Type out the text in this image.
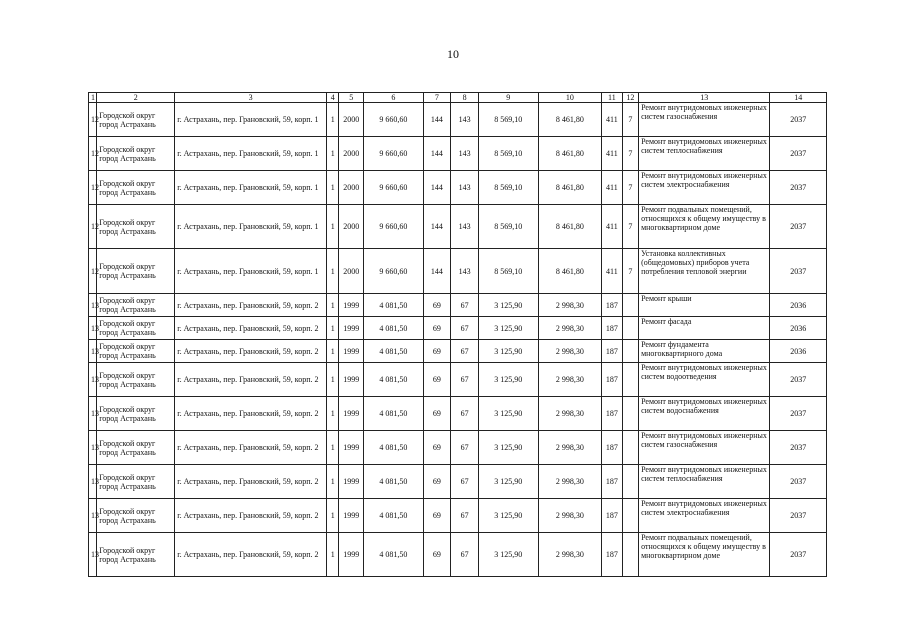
10
1	2	3	4	5	6	7	8	9	10	11	12	13	14
12	Городской округ город Астрахань	г. Астрахань, пер. Грановский, 59, корп. 1	1	2000	9 660,60	144	143	8 569,10	8 461,80	411	7	Ремонт внутридомовых инженерных систем газоснабжения	2037
12	Городской округ город Астрахань	г. Астрахань, пер. Грановский, 59, корп. 1	1	2000	9 660,60	144	143	8 569,10	8 461,80	411	7	Ремонт внутридомовых инженерных систем теплоснабжения	2037
12	Городской округ город Астрахань	г. Астрахань, пер. Грановский, 59, корп. 1	1	2000	9 660,60	144	143	8 569,10	8 461,80	411	7	Ремонт внутридомовых инженерных систем электроснабжения	2037
12	Городской округ город Астрахань	г. Астрахань, пер. Грановский, 59, корп. 1	1	2000	9 660,60	144	143	8 569,10	8 461,80	411	7	Ремонт подвальных помещений, относящихся к общему имуществу в многоквартирном доме	2037
12	Городской округ город Астрахань	г. Астрахань, пер. Грановский, 59, корп. 1	1	2000	9 660,60	144	143	8 569,10	8 461,80	411	7	Установка коллективных (общедомовых) приборов учета потребления тепловой энергии	2037
13	Городской округ город Астрахань	г. Астрахань, пер. Грановский, 59, корп. 2	1	1999	4 081,50	69	67	3 125,90	2 998,30	187		Ремонт крыши	2036
13	Городской округ город Астрахань	г. Астрахань, пер. Грановский, 59, корп. 2	1	1999	4 081,50	69	67	3 125,90	2 998,30	187		Ремонт фасада	2036
13	Городской округ город Астрахань	г. Астрахань, пер. Грановский, 59, корп. 2	1	1999	4 081,50	69	67	3 125,90	2 998,30	187		Ремонт фундамента многоквартирного дома	2036
13	Городской округ город Астрахань	г. Астрахань, пер. Грановский, 59, корп. 2	1	1999	4 081,50	69	67	3 125,90	2 998,30	187		Ремонт внутридомовых инженерных систем водоотведения	2037
13	Городской округ город Астрахань	г. Астрахань, пер. Грановский, 59, корп. 2	1	1999	4 081,50	69	67	3 125,90	2 998,30	187		Ремонт внутридомовых инженерных систем водоснабжения	2037
13	Городской округ город Астрахань	г. Астрахань, пер. Грановский, 59, корп. 2	1	1999	4 081,50	69	67	3 125,90	2 998,30	187		Ремонт внутридомовых инженерных систем газоснабжения	2037
13	Городской округ город Астрахань	г. Астрахань, пер. Грановский, 59, корп. 2	1	1999	4 081,50	69	67	3 125,90	2 998,30	187		Ремонт внутридомовых инженерных систем теплоснабжения	2037
13	Городской округ город Астрахань	г. Астрахань, пер. Грановский, 59, корп. 2	1	1999	4 081,50	69	67	3 125,90	2 998,30	187		Ремонт внутридомовых инженерных систем электроснабжения	2037
13	Городской округ город Астрахань	г. Астрахань, пер. Грановский, 59, корп. 2	1	1999	4 081,50	69	67	3 125,90	2 998,30	187		Ремонт подвальных помещений, относящихся к общему имуществу в многоквартирном доме	2037
